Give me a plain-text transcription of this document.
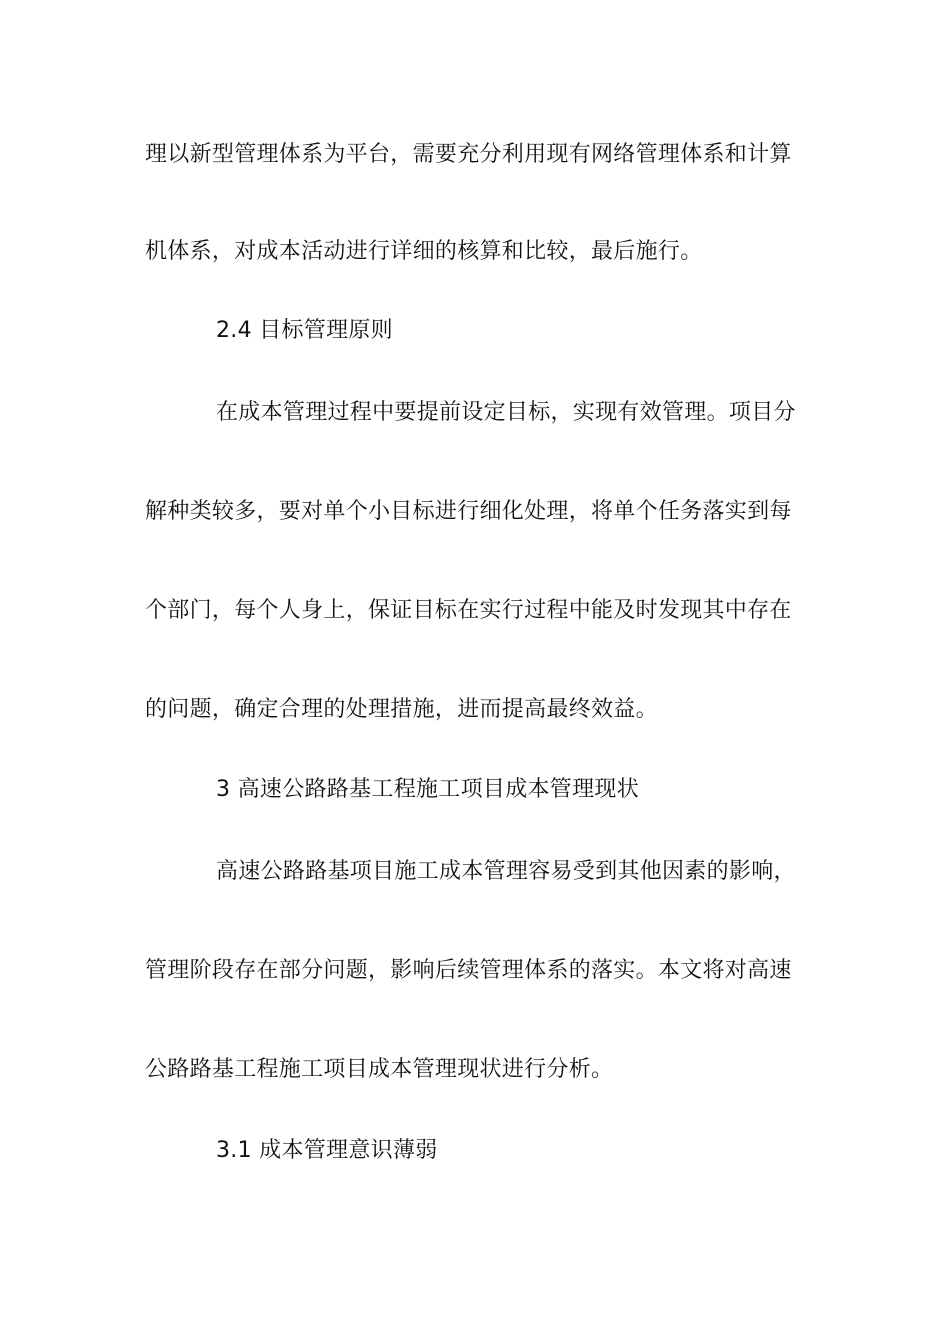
理以新型管理体系为平台，需要充分利用现有网络管理体系和计算
机体系，对成本活动进行详细的核算和比较，最后施行。
2.4 目标管理原则
在成本管理过程中要提前设定目标，实现有效管理。项目分
解种类较多，要对单个小目标进行细化处理，将单个任务落实到每
个部门，每个人身上，保证目标在实行过程中能及时发现其中存在
的问题，确定合理的处理措施，进而提高最终效益。
3 高速公路路基工程施工项目成本管理现状
高速公路路基项目施工成本管理容易受到其他因素的影响，
管理阶段存在部分问题，影响后续管理体系的落实。本文将对高速
公路路基工程施工项目成本管理现状进行分析。
3.1 成本管理意识薄弱
